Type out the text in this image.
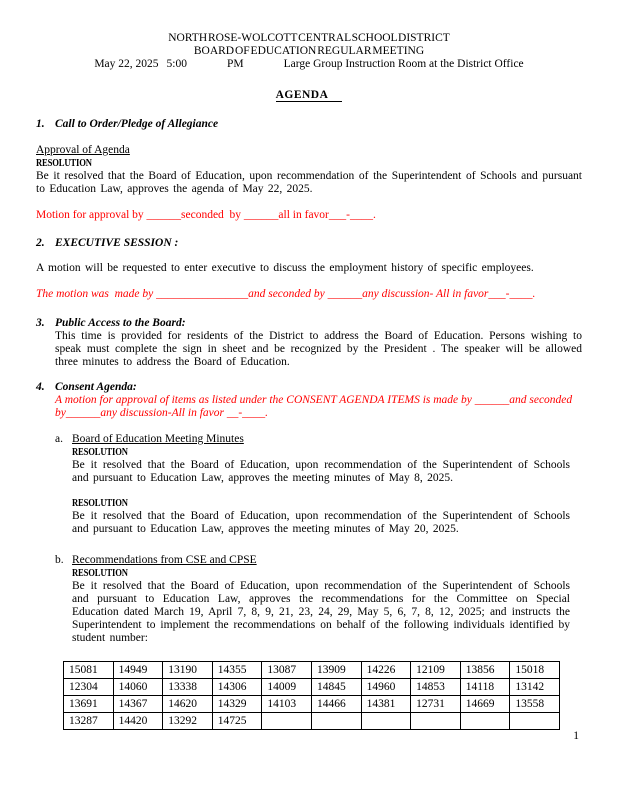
NORTH ROSE-WOLCOTT CENTRAL SCHOOL DISTRICT
BOARD OF EDUCATION REGULAR MEETING
May 22, 2025 5:00	PM	Large Group Instruction Room at the District Office
AGENDA
1. Call to Order/Pledge of Allegiance
Approval of Agenda
RESOLUTION
Be it resolved that the Board of Education, upon recommendation of the Superintendent of Schools and pursuant to Education Law, approves the agenda of May 22, 2025.
Motion for approval by ______seconded  by ______all in favor___-____.
2. EXECUTIVE SESSION :
A motion will be requested to enter executive to discuss the employment history of specific employees.
The motion was  made by ________________and seconded by ______any discussion- All in favor___-____.
3. Public Access to the Board:
This time is provided for residents of the District to address the Board of Education. Persons wishing to speak must complete the sign in sheet and be recognized by the President . The speaker will be allowed three minutes to address the Board of Education.
4. Consent Agenda:
A motion for approval of items as listed under the CONSENT AGENDA ITEMS is made by ______and seconded by______any discussion-All in favor __-____.
a. Board of Education Meeting Minutes
RESOLUTION
Be it resolved that the Board of Education, upon recommendation of the Superintendent of Schools and pursuant to Education Law, approves the meeting minutes of May 8, 2025.
RESOLUTION
Be it resolved that the Board of Education, upon recommendation of the Superintendent of Schools and pursuant to Education Law, approves the meeting minutes of May 20, 2025.
b. Recommendations from CSE and CPSE
RESOLUTION
Be it resolved that the Board of Education, upon recommendation of the Superintendent of Schools and pursuant to Education Law, approves the recommendations for the Committee on Special Education dated March 19, April 7, 8, 9, 21, 23, 24, 29, May 5, 6, 7, 8, 12, 2025; and instructs the Superintendent to implement the recommendations on behalf of the following individuals identified by student number:
15081	14949	13190	14355	13087	13909	14226	12109	13856	15018
12304	14060	13338	14306	14009	14845	14960	14853	14118	13142
13691	14367	14620	14329	14103	14466	14381	12731	14669	13558
13287	14420	13292	14725						
1
